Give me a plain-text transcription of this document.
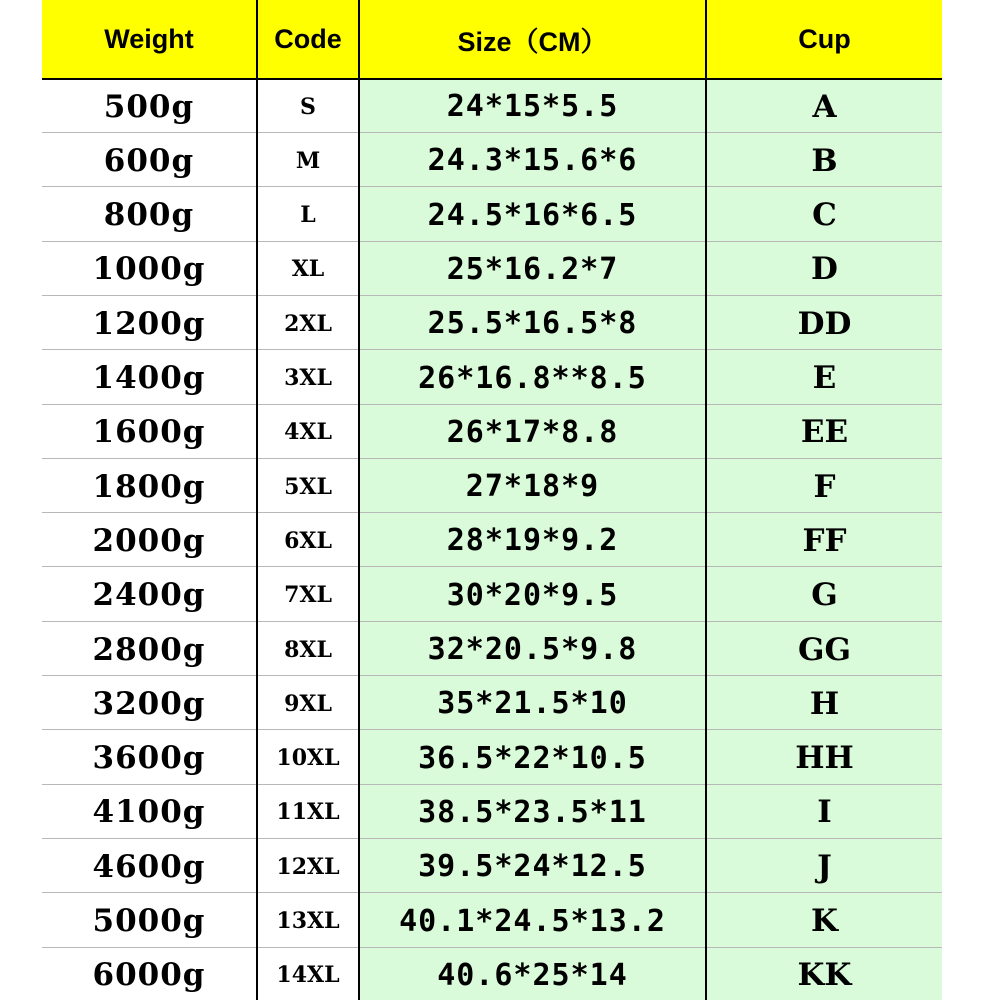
Weight	Code	Size（CM）	Cup
500g	S	24*15*5.5	A
600g	M	24.3*15.6*6	B
800g	L	24.5*16*6.5	C
1000g	XL	25*16.2*7	D
1200g	2XL	25.5*16.5*8	DD
1400g	3XL	26*16.8**8.5	E
1600g	4XL	26*17*8.8	EE
1800g	5XL	27*18*9	F
2000g	6XL	28*19*9.2	FF
2400g	7XL	30*20*9.5	G
2800g	8XL	32*20.5*9.8	GG
3200g	9XL	35*21.5*10	H
3600g	10XL	36.5*22*10.5	HH
4100g	11XL	38.5*23.5*11	I
4600g	12XL	39.5*24*12.5	J
5000g	13XL	40.1*24.5*13.2	K
6000g	14XL	40.6*25*14	KK
